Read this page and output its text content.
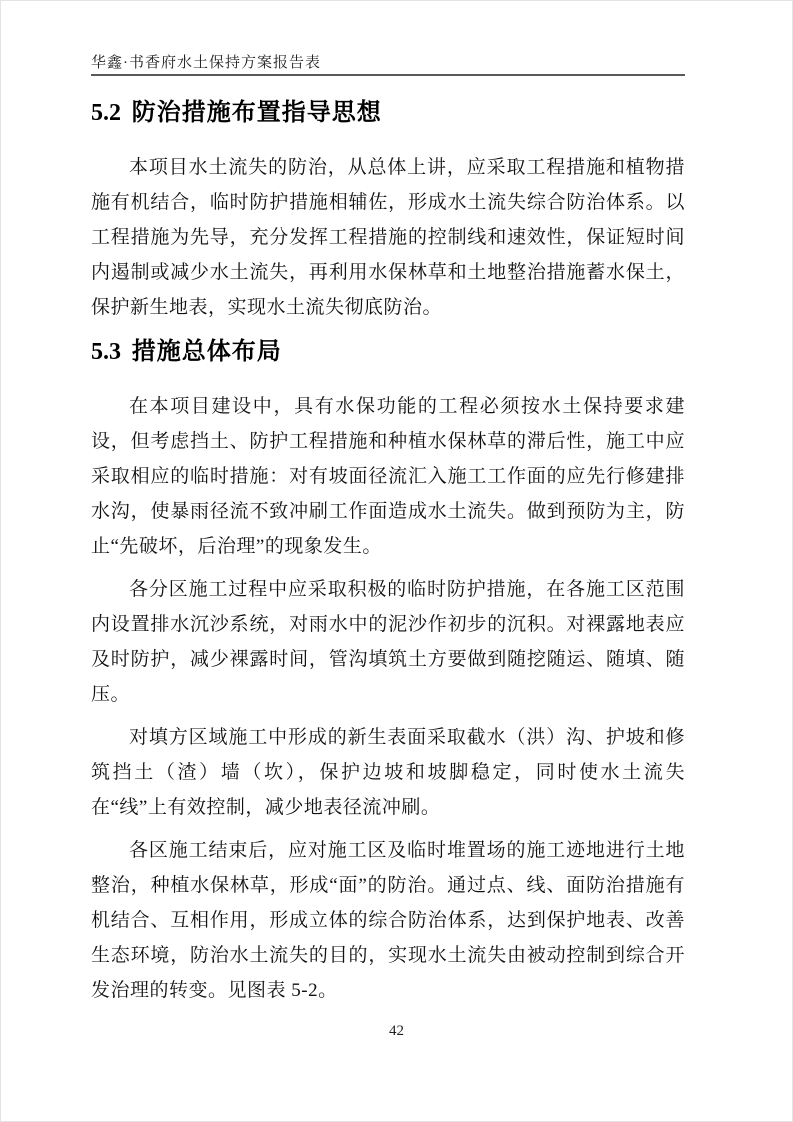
华鑫·书香府水土保持方案报告表
5.2 防治措施布置指导思想

本项目水土流失的防治，从总体上讲，应采取工程措施和植物措施有机结合，临时防护措施相辅佐，形成水土流失综合防治体系。以工程措施为先导，充分发挥工程措施的控制线和速效性，保证短时间内遏制或减少水土流失，再利用水保林草和土地整治措施蓄水保土，保护新生地表，实现水土流失彻底防治。

5.3 措施总体布局

在本项目建设中，具有水保功能的工程必须按水土保持要求建设，但考虑挡土、防护工程措施和种植水保林草的滞后性，施工中应采取相应的临时措施：对有坡面径流汇入施工工作面的应先行修建排水沟，使暴雨径流不致冲刷工作面造成水土流失。做到预防为主，防止“先破坏，后治理”的现象发生。

各分区施工过程中应采取积极的临时防护措施，在各施工区范围内设置排水沉沙系统，对雨水中的泥沙作初步的沉积。对裸露地表应及时防护，减少裸露时间，管沟填筑土方要做到随挖随运、随填、随压。

对填方区域施工中形成的新生表面采取截水（洪）沟、护坡和修筑挡土（渣）墙（坎），保护边坡和坡脚稳定，同时使水土流失在“线”上有效控制，减少地表径流冲刷。

各区施工结束后，应对施工区及临时堆置场的施工迹地进行土地整治，种植水保林草，形成“面”的防治。通过点、线、面防治措施有机结合、互相作用，形成立体的综合防治体系，达到保护地表、改善生态环境，防治水土流失的目的，实现水土流失由被动控制到综合开发治理的转变。见图表 5-2。

42
